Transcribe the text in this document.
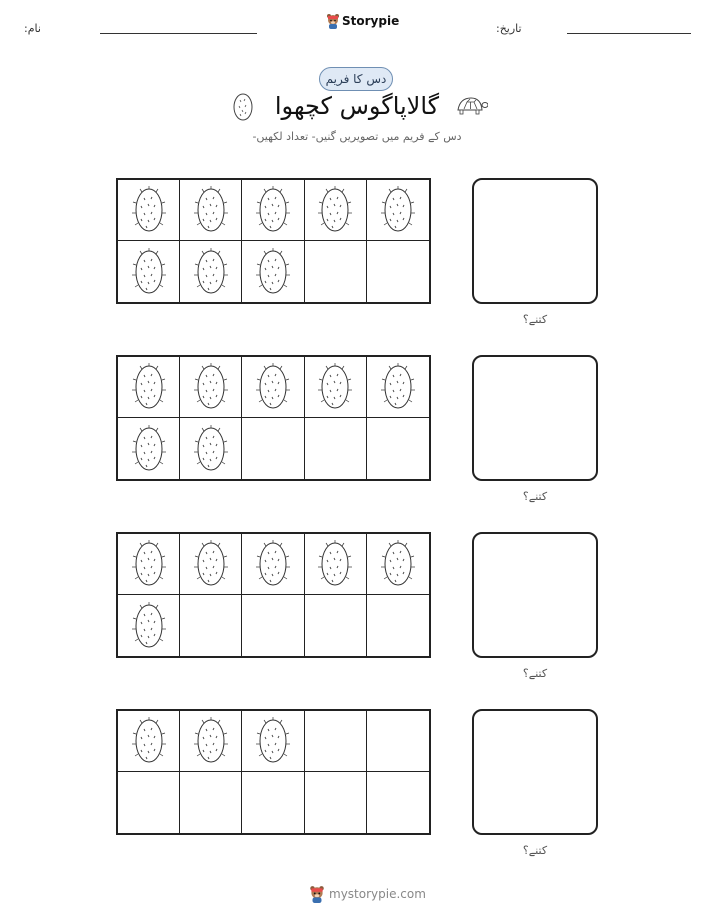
نام:
Storypie
تاریخ:
دس کا فریم
گالاپاگوس کچھوا
دس کے فریم میں تصویریں گنیں- تعداد لکھیں-
کتنے؟
کتنے؟
کتنے؟
کتنے؟
mystorypie.com
